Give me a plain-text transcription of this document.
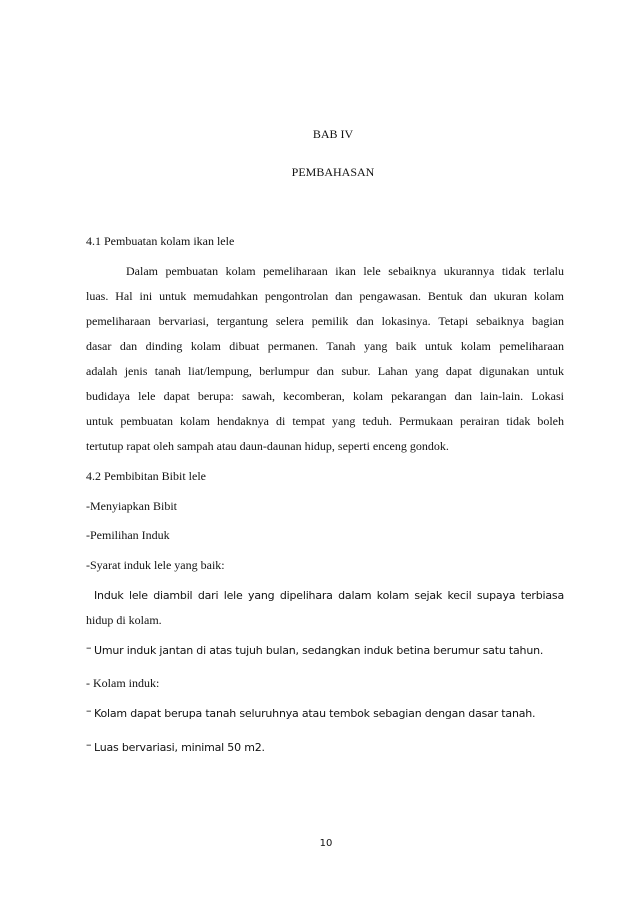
BAB IV
PEMBAHASAN
4.1 Pembuatan kolam ikan lele
Dalam pembuatan kolam pemeliharaan ikan lele sebaiknya ukurannya tidak terlalu
luas. Hal ini untuk memudahkan pengontrolan dan pengawasan. Bentuk dan ukuran kolam
pemeliharaan bervariasi, tergantung selera pemilik dan lokasinya. Tetapi sebaiknya bagian
dasar dan dinding kolam dibuat permanen. Tanah yang baik untuk kolam pemeliharaan
adalah jenis tanah liat/lempung, berlumpur dan subur. Lahan yang dapat digunakan untuk
budidaya lele dapat berupa: sawah, kecomberan, kolam pekarangan dan lain-lain. Lokasi
untuk pembuatan kolam hendaknya di tempat yang teduh. Permukaan perairan tidak boleh
tertutup rapat oleh sampah atau daun-daunan hidup, seperti enceng gondok.
4.2 Pembibitan Bibit lele
-Menyiapkan Bibit
-Pemilihan Induk
-Syarat induk lele yang baik:
Induk lele diambil dari lele yang dipelihara dalam kolam sejak kecil supaya terbiasa
hidup di kolam.
– Umur induk jantan di atas tujuh bulan, sedangkan induk betina berumur satu tahun.
- Kolam induk:
– Kolam dapat berupa tanah seluruhnya atau tembok sebagian dengan dasar tanah.
– Luas bervariasi, minimal 50 m2.
10
